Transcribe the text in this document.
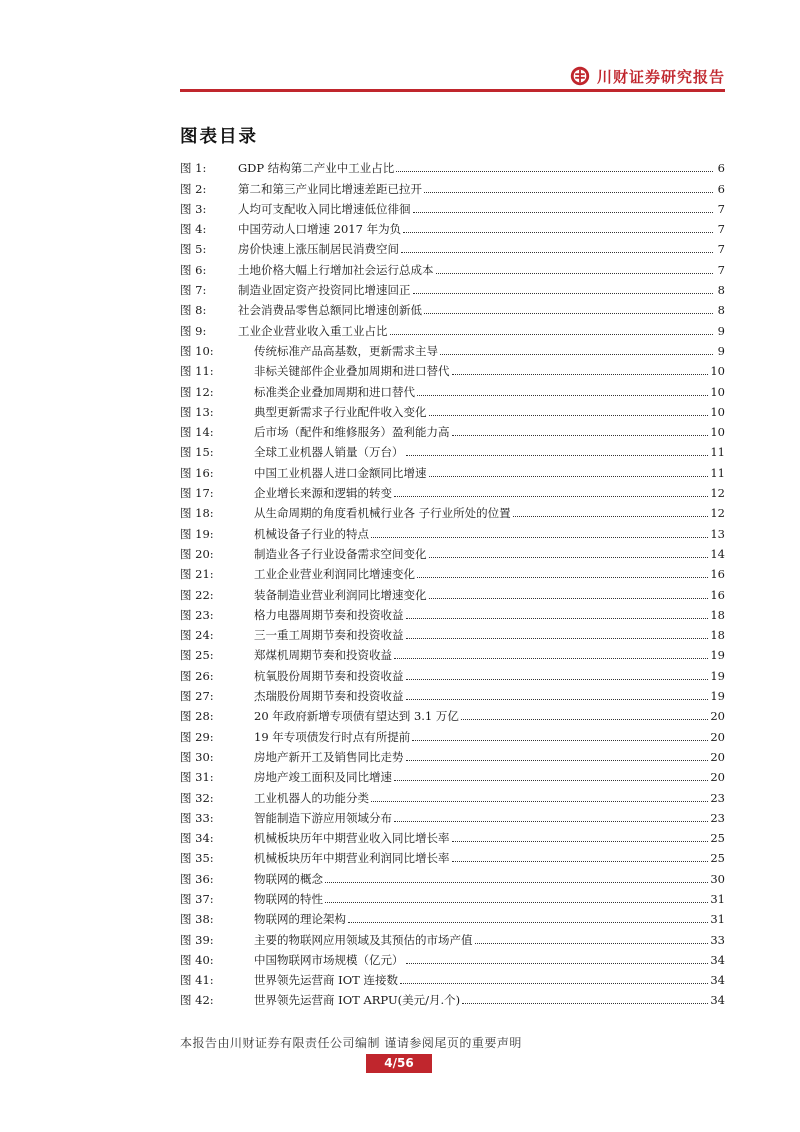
川财证券研究报告
图表目录
图 1:	GDP 结构第二产业中工业占比	6
图 2:	第二和第三产业同比增速差距已拉开	6
图 3:	人均可支配收入同比增速低位徘徊	7
图 4:	中国劳动人口增速 2017 年为负	7
图 5:	房价快速上涨压制居民消费空间	7
图 6:	土地价格大幅上行增加社会运行总成本	7
图 7:	制造业固定资产投资同比增速回正	8
图 8:	社会消费品零售总额同比增速创新低	8
图 9:	工业企业营业收入重工业占比	9
图 10:	传统标准产品高基数，更新需求主导	9
图 11:	非标关键部件企业叠加周期和进口替代	10
图 12:	标准类企业叠加周期和进口替代	10
图 13:	典型更新需求子行业配件收入变化	10
图 14:	后市场（配件和维修服务）盈利能力高	10
图 15:	全球工业机器人销量（万台）	11
图 16:	中国工业机器人进口金额同比增速	11
图 17:	企业增长来源和逻辑的转变	12
图 18:	从生命周期的角度看机械行业各 子行业所处的位置	12
图 19:	机械设备子行业的特点	13
图 20:	制造业各子行业设备需求空间变化	14
图 21:	工业企业营业利润同比增速变化	16
图 22:	装备制造业营业利润同比增速变化	16
图 23:	格力电器周期节奏和投资收益	18
图 24:	三一重工周期节奏和投资收益	18
图 25:	郑煤机周期节奏和投资收益	19
图 26:	杭氧股份周期节奏和投资收益	19
图 27:	杰瑞股份周期节奏和投资收益	19
图 28:	20 年政府新增专项债有望达到 3.1 万亿	20
图 29:	19 年专项债发行时点有所提前	20
图 30:	房地产新开工及销售同比走势	20
图 31:	房地产竣工面积及同比增速	20
图 32:	工业机器人的功能分类	23
图 33:	智能制造下游应用领域分布	23
图 34:	机械板块历年中期营业收入同比增长率	25
图 35:	机械板块历年中期营业利润同比增长率	25
图 36:	物联网的概念	30
图 37:	物联网的特性	31
图 38:	物联网的理论架构	31
图 39:	主要的物联网应用领域及其预估的市场产值	33
图 40:	中国物联网市场规模（亿元）	34
图 41:	世界领先运营商 IOT 连接数	34
图 42:	世界领先运营商 IOT ARPU(美元/月.个)	34
本报告由川财证券有限责任公司编制 谨请参阅尾页的重要声明
4/56
